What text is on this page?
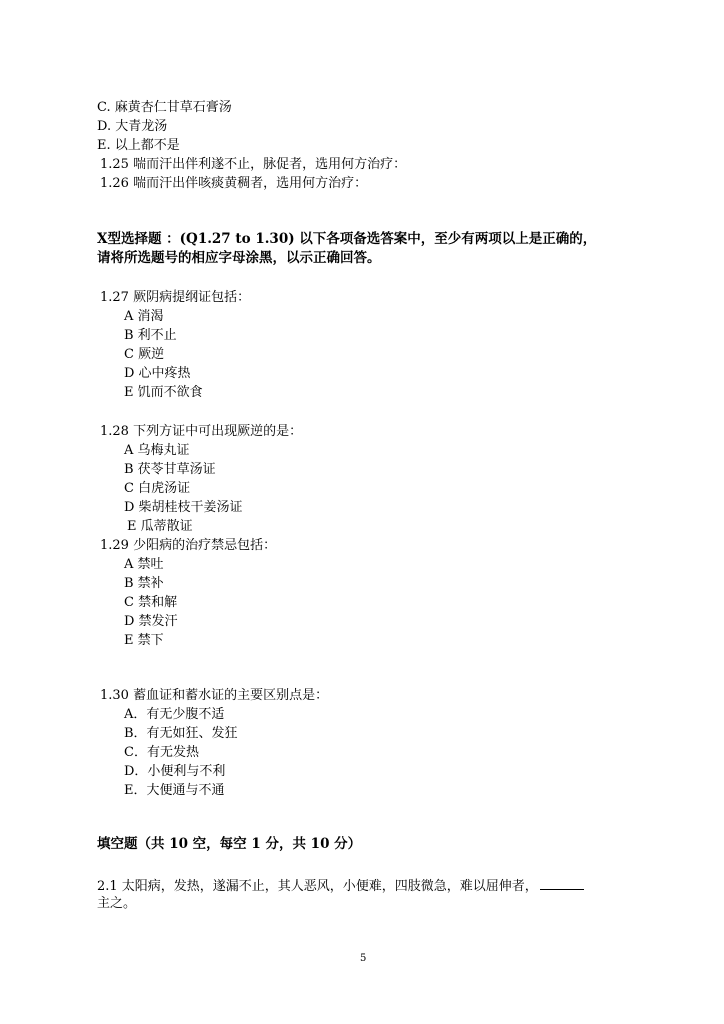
C. 麻黄杏仁甘草石膏汤
D. 大青龙汤
E. 以上都不是
1.25 喘而汗出伴利遂不止，脉促者，选用何方治疗：
1.26 喘而汗出伴咳痰黄稠者，选用何方治疗：
X型选择题 ：(Q1.27 to 1.30) 以下各项备选答案中，至少有两项以上是正确的，
请将所选题号的相应字母涂黑，以示正确回答。
1.27 厥阴病提纲证包括：
A 消渴
B 利不止
C 厥逆
D 心中疼热
E 饥而不欲食
1.28 下列方证中可出现厥逆的是：
A 乌梅丸证
B 茯苓甘草汤证
C 白虎汤证
D 柴胡桂枝干姜汤证
E 瓜蒂散证
1.29 少阳病的治疗禁忌包括：
A 禁吐
B 禁补
C 禁和解
D 禁发汗
E 禁下
1.30 蓄血证和蓄水证的主要区别点是：
A．有无少腹不适
B．有无如狂、发狂
C．有无发热
D．小便利与不利
E．大便通与不通
填空题（共 10 空，每空 1 分，共 10 分）
2.1 太阳病，发热，遂漏不止，其人恶风，小便难，四肢微急，难以屈伸者，
主之。
5
